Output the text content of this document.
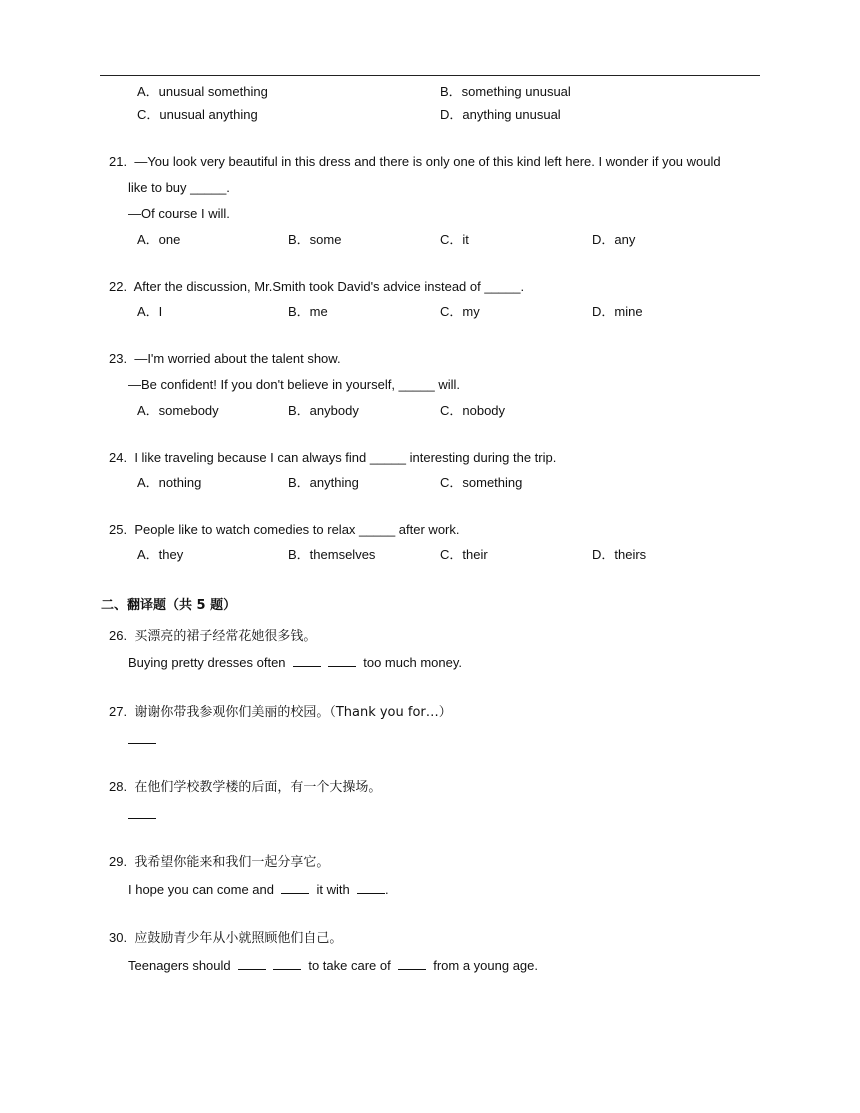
A．unusual something	B．something unusual
C．unusual anything	D．anything unusual
21. —You look very beautiful in this dress and there is only one of this kind left here. I wonder if you would
like to buy _____.
—Of course I will.
A．one	B．some	C．it	D．any
22. After the discussion, Mr.Smith took David's advice instead of _____.
A．I	B．me	C．my	D．mine
23. —I'm worried about the talent show.
—Be confident! If you don't believe in yourself, _____ will.
A．somebody	B．anybody	C．nobody
24. I like traveling because I can always find _____ interesting during the trip.
A．nothing	B．anything	C．something
25. People like to watch comedies to relax _____ after work.
A．they	B．themselves	C．their	D．theirs
二、翻译题（共 5 题）
26. 买漂亮的裙子经常花她很多钱。
Buying pretty dresses often	too much money.
27. 谢谢你带我参观你们美丽的校园。（Thank you for…）
28. 在他们学校教学楼的后面，有一个大操场。
29. 我希望你能来和我们一起分享它。
I hope you can come and	it with	.
30. 应鼓励青少年从小就照顾他们自己。
Teenagers should	to take care of	from a young age.
